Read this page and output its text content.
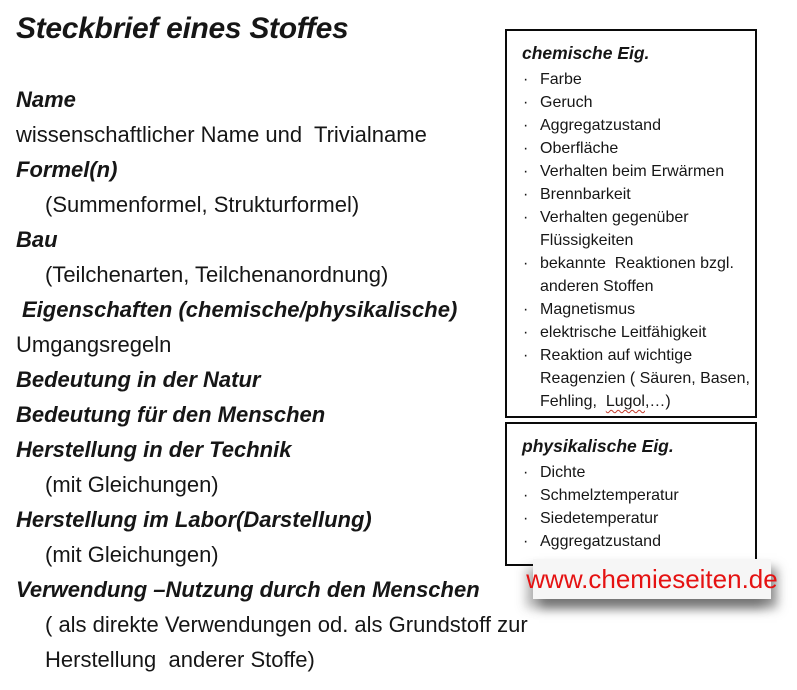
Steckbrief eines Stoffes
Name
wissenschaftlicher Name und  Trivialname
Formel(n)
(Summenformel, Strukturformel)
Bau
(Teilchenarten, Teilchenanordnung)
Eigenschaften (chemische/physikalische)
Umgangsregeln
Bedeutung in der Natur
Bedeutung für den Menschen
Herstellung in der Technik
(mit Gleichungen)
Herstellung im Labor(Darstellung)
(mit Gleichungen)
Verwendung –Nutzung durch den Menschen
( als direkte Verwendungen od. als Grundstoff zur
Herstellung  anderer Stoffe)
chemische Eig.
· Farbe
· Geruch
· Aggregatzustand
· Oberfläche
· Verhalten beim Erwärmen
· Brennbarkeit
· Verhalten gegenüber Flüssigkeiten
· bekannte  Reaktionen bzgl. anderen Stoffen
· Magnetismus
· elektrische Leitfähigkeit
· Reaktion auf wichtige Reagenzien ( Säuren, Basen, Fehling,  Lugol,…)
physikalische Eig.
· Dichte
· Schmelztemperatur
· Siedetemperatur
· Aggregatzustand
www.chemieseiten.de
